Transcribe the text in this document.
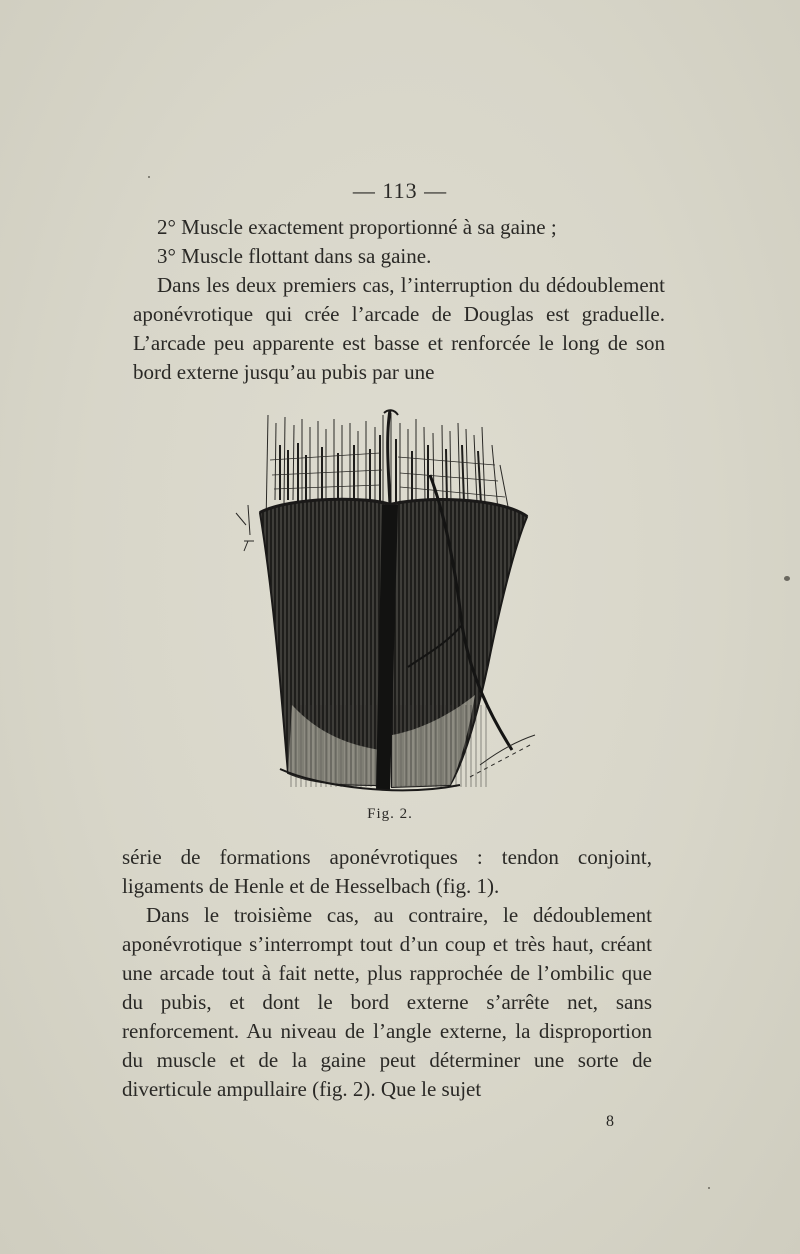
— 113 —

2° Muscle exactement proportionné à sa gaine ;

3° Muscle flottant dans sa gaine.

Dans les deux premiers cas, l’interruption du dédoublement aponévrotique qui crée l’arcade de Douglas est graduelle. L’arcade peu apparente est basse et renforcée le long de son bord externe jusqu’au pubis par une

Fig. 2.

série de formations aponévrotiques : tendon conjoint, ligaments de Henle et de Hesselbach (fig. 1).

Dans le troisième cas, au contraire, le dédoublement aponévrotique s’interrompt tout d’un coup et très haut, créant une arcade tout à fait nette, plus rapprochée de l’ombilic que du pubis, et dont le bord externe s’arrête net, sans renforcement. Au niveau de l’angle externe, la disproportion du muscle et de la gaine peut déterminer une sorte de diverticule ampullaire (fig. 2). Que le sujet

8
